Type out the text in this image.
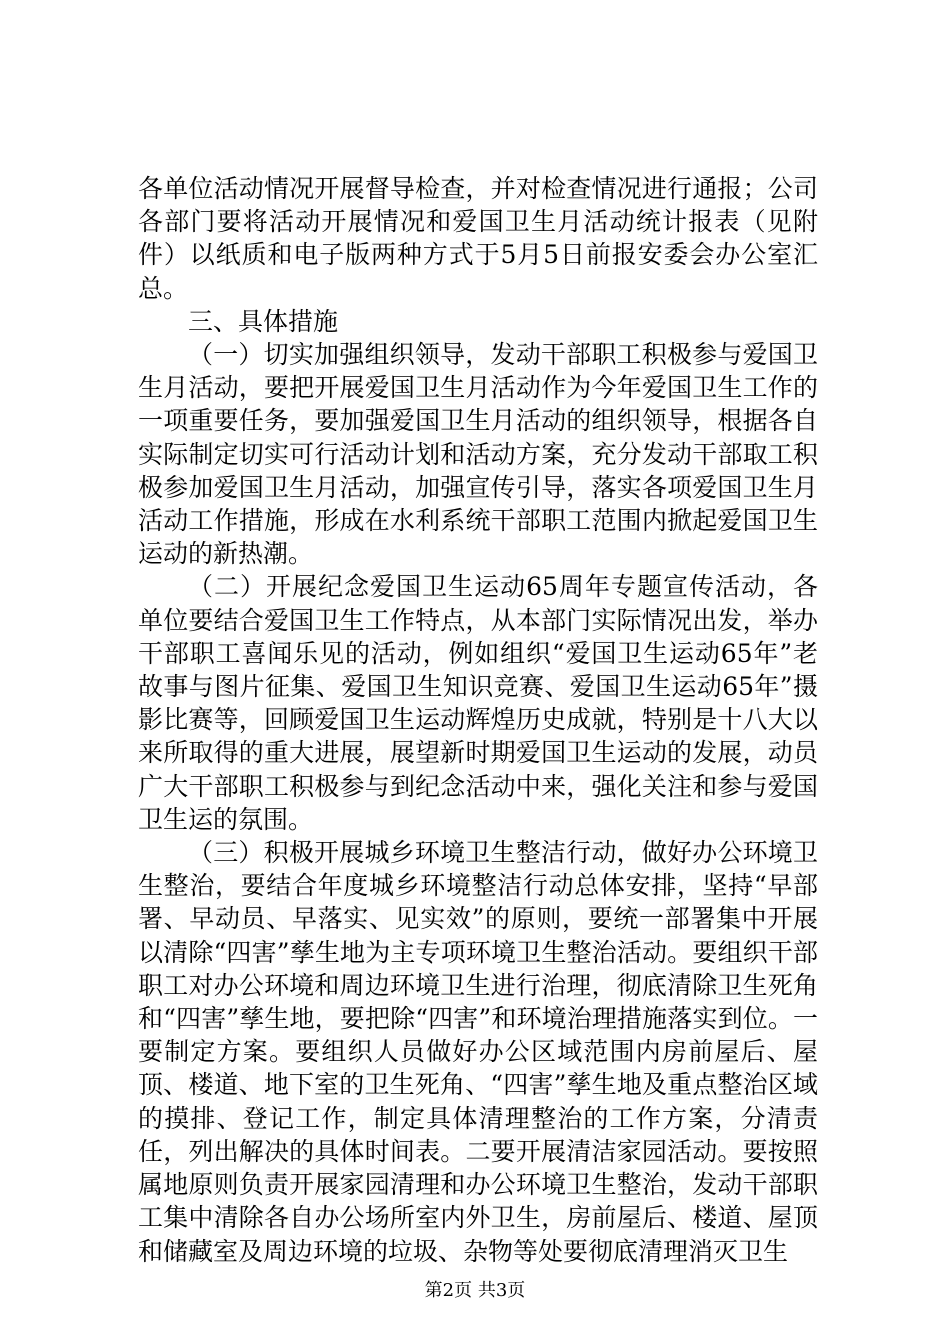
各单位活动情况开展督导检查，并对检查情况进行通报；公司各部门要将活动开展情况和爱国卫生月活动统计报表（见附件）以纸质和电子版两种方式于5月5日前报安委会办公室汇总。

三、具体措施

（一）切实加强组织领导，发动干部职工积极参与爱国卫生月活动，要把开展爱国卫生月活动作为今年爱国卫生工作的一项重要任务，要加强爱国卫生月活动的组织领导，根据各自实际制定切实可行活动计划和活动方案，充分发动干部取工积极参加爱国卫生月活动，加强宣传引导，落实各项爱国卫生月活动工作措施，形成在水利系统干部职工范围内掀起爱国卫生运动的新热潮。

（二）开展纪念爱国卫生运动65周年专题宣传活动，各单位要结合爱国卫生工作特点，从本部门实际情况出发，举办干部职工喜闻乐见的活动，例如组织“爱国卫生运动65年”老故事与图片征集、爱国卫生知识竞赛、爱国卫生运动65年”摄影比赛等，回顾爱国卫生运动辉煌历史成就，特别是十八大以来所取得的重大进展，展望新时期爱国卫生运动的发展，动员广大干部职工积极参与到纪念活动中来，强化关注和参与爱国卫生运的氛围。

（三）积极开展城乡环境卫生整洁行动，做好办公环境卫生整治，要结合年度城乡环境整洁行动总体安排，坚持“早部署、早动员、早落实、见实效”的原则，要统一部署集中开展以清除“四害”孳生地为主专项环境卫生整治活动。要组织干部职工对办公环境和周边环境卫生进行治理，彻底清除卫生死角和“四害”孳生地，要把除“四害”和环境治理措施落实到位。一要制定方案。要组织人员做好办公区域范围内房前屋后、屋顶、楼道、地下室的卫生死角、“四害”孳生地及重点整治区域的摸排、登记工作，制定具体清理整治的工作方案，分清责任，列出解决的具体时间表。二要开展清洁家园活动。要按照属地原则负责开展家园清理和办公环境卫生整治，发动干部职工集中清除各自办公场所室内外卫生，房前屋后、楼道、屋顶和储藏室及周边环境的垃圾、杂物等处要彻底清理消灭卫生

第2页 共3页
